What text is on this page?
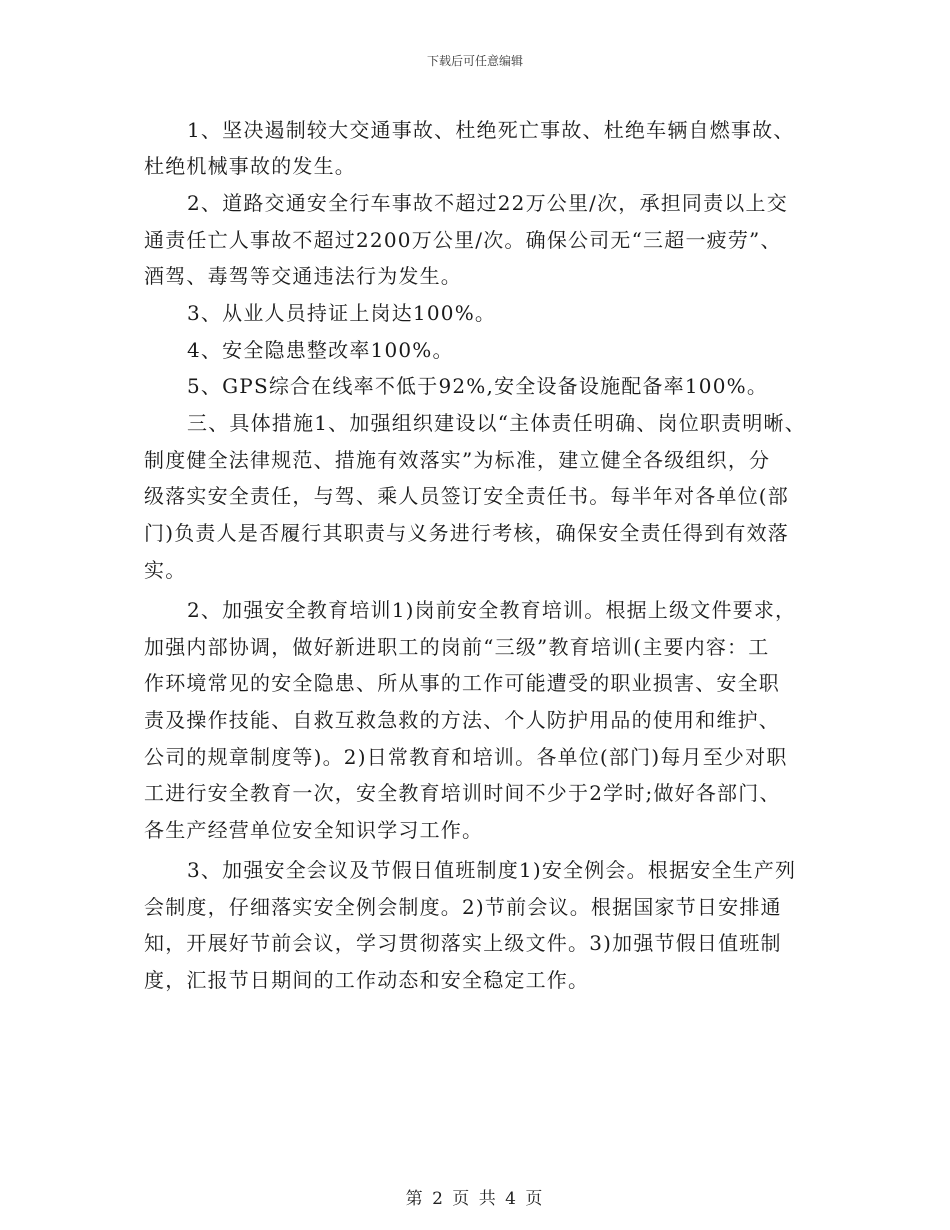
下载后可任意编辑
1、坚决遏制较大交通事故、杜绝死亡事故、杜绝车辆自燃事故、
杜绝机械事故的发生。
2、道路交通安全行车事故不超过22万公里/次，承担同责以上交
通责任亡人事故不超过2200万公里/次。确保公司无“三超一疲劳”、
酒驾、毒驾等交通违法行为发生。
3、从业人员持证上岗达100%。
4、安全隐患整改率100%。
5、GPS综合在线率不低于92%,安全设备设施配备率100%。
三、具体措施1、加强组织建设以“主体责任明确、岗位职责明晰、
制度健全法律规范、措施有效落实”为标准，建立健全各级组织，分
级落实安全责任，与驾、乘人员签订安全责任书。每半年对各单位(部
门)负责人是否履行其职责与义务进行考核，确保安全责任得到有效落
实。
2、加强安全教育培训1)岗前安全教育培训。根据上级文件要求，
加强内部协调，做好新进职工的岗前“三级”教育培训(主要内容：工
作环境常见的安全隐患、所从事的工作可能遭受的职业损害、安全职
责及操作技能、自救互救急救的方法、个人防护用品的使用和维护、
公司的规章制度等)。2)日常教育和培训。各单位(部门)每月至少对职
工进行安全教育一次，安全教育培训时间不少于2学时;做好各部门、
各生产经营单位安全知识学习工作。
3、加强安全会议及节假日值班制度1)安全例会。根据安全生产列
会制度，仔细落实安全例会制度。2)节前会议。根据国家节日安排通
知，开展好节前会议，学习贯彻落实上级文件。3)加强节假日值班制
度，汇报节日期间的工作动态和安全稳定工作。
第 2 页 共 4 页
